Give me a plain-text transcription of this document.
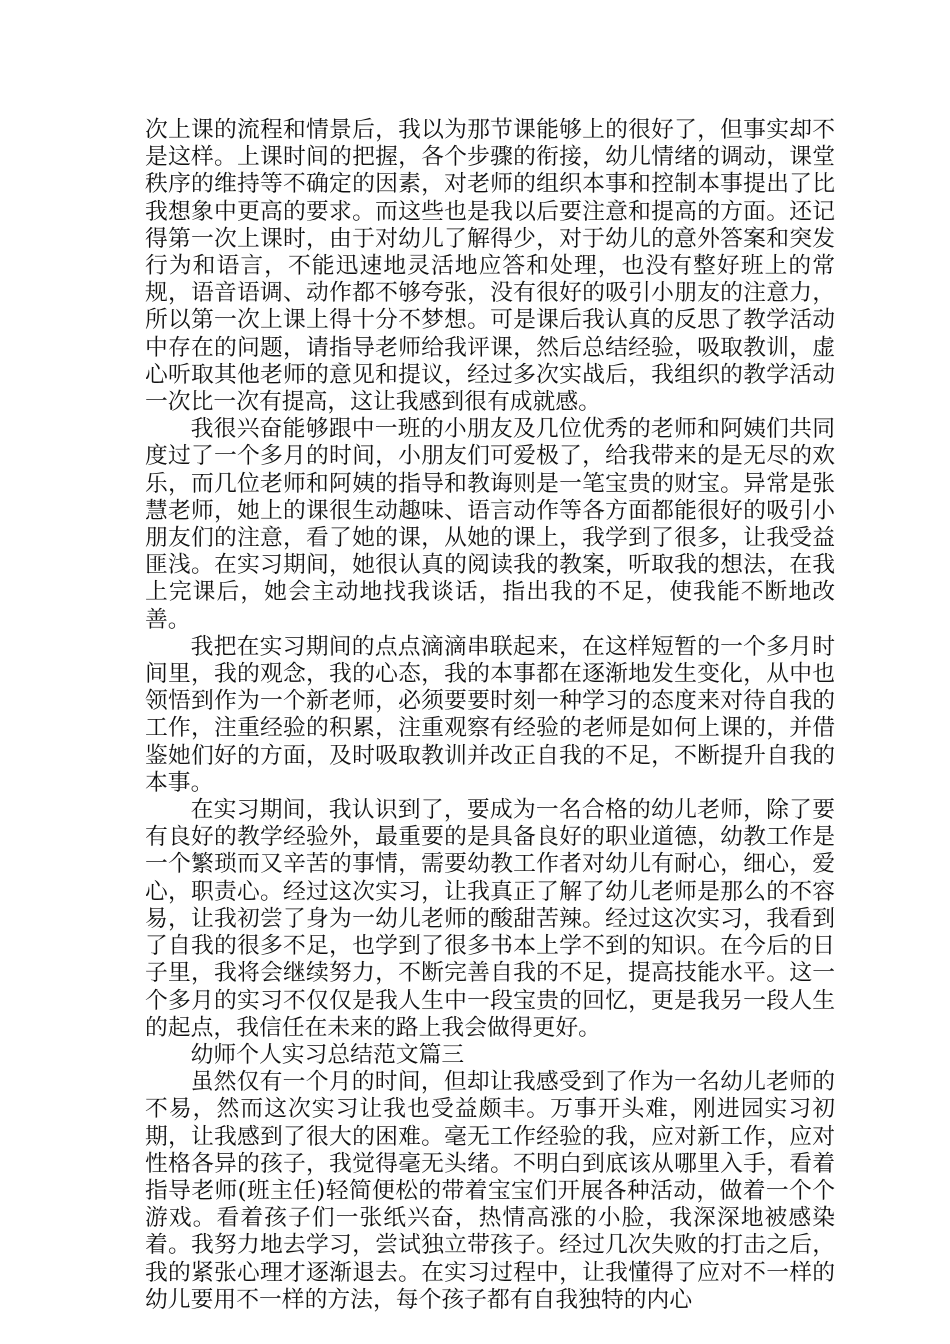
次上课的流程和情景后，我以为那节课能够上的很好了，但事实却不是这样。上课时间的把握，各个步骤的衔接，幼儿情绪的调动，课堂秩序的维持等不确定的因素，对老师的组织本事和控制本事提出了比我想象中更高的要求。而这些也是我以后要注意和提高的方面。还记得第一次上课时，由于对幼儿了解得少，对于幼儿的意外答案和突发行为和语言，不能迅速地灵活地应答和处理，也没有整好班上的常规，语音语调、动作都不够夸张，没有很好的吸引小朋友的注意力，所以第一次上课上得十分不梦想。可是课后我认真的反思了教学活动中存在的问题，请指导老师给我评课，然后总结经验，吸取教训，虚心听取其他老师的意见和提议，经过多次实战后，我组织的教学活动一次比一次有提高，这让我感到很有成就感。

我很兴奋能够跟中一班的小朋友及几位优秀的老师和阿姨们共同度过了一个多月的时间，小朋友们可爱极了，给我带来的是无尽的欢乐，而几位老师和阿姨的指导和教诲则是一笔宝贵的财宝。异常是张慧老师，她上的课很生动趣味、语言动作等各方面都能很好的吸引小朋友们的注意，看了她的课，从她的课上，我学到了很多，让我受益匪浅。在实习期间，她很认真的阅读我的教案，听取我的想法，在我上完课后，她会主动地找我谈话，指出我的不足，使我能不断地改善。

我把在实习期间的点点滴滴串联起来，在这样短暂的一个多月时间里，我的观念，我的心态，我的本事都在逐渐地发生变化，从中也领悟到作为一个新老师，必须要要时刻一种学习的态度来对待自我的工作，注重经验的积累，注重观察有经验的老师是如何上课的，并借鉴她们好的方面，及时吸取教训并改正自我的不足，不断提升自我的本事。

在实习期间，我认识到了，要成为一名合格的幼儿老师，除了要有良好的教学经验外，最重要的是具备良好的职业道德，幼教工作是一个繁琐而又辛苦的事情，需要幼教工作者对幼儿有耐心，细心，爱心，职责心。经过这次实习，让我真正了解了幼儿老师是那么的不容易，让我初尝了身为一幼儿老师的酸甜苦辣。经过这次实习，我看到了自我的很多不足，也学到了很多书本上学不到的知识。在今后的日子里，我将会继续努力，不断完善自我的不足，提高技能水平。这一个多月的实习不仅仅是我人生中一段宝贵的回忆，更是我另一段人生的起点，我信任在未来的路上我会做得更好。

幼师个人实习总结范文篇三

虽然仅有一个月的时间，但却让我感受到了作为一名幼儿老师的不易，然而这次实习让我也受益颇丰。万事开头难，刚进园实习初期，让我感到了很大的困难。毫无工作经验的我，应对新工作，应对性格各异的孩子，我觉得毫无头绪。不明白到底该从哪里入手，看着指导老师(班主任)轻简便松的带着宝宝们开展各种活动，做着一个个游戏。看着孩子们一张纸兴奋，热情高涨的小脸，我深深地被感染着。我努力地去学习，尝试独立带孩子。经过几次失败的打击之后，我的紧张心理才逐渐退去。在实习过程中，让我懂得了应对不一样的幼儿要用不一样的方法，每个孩子都有自我独特的内心
